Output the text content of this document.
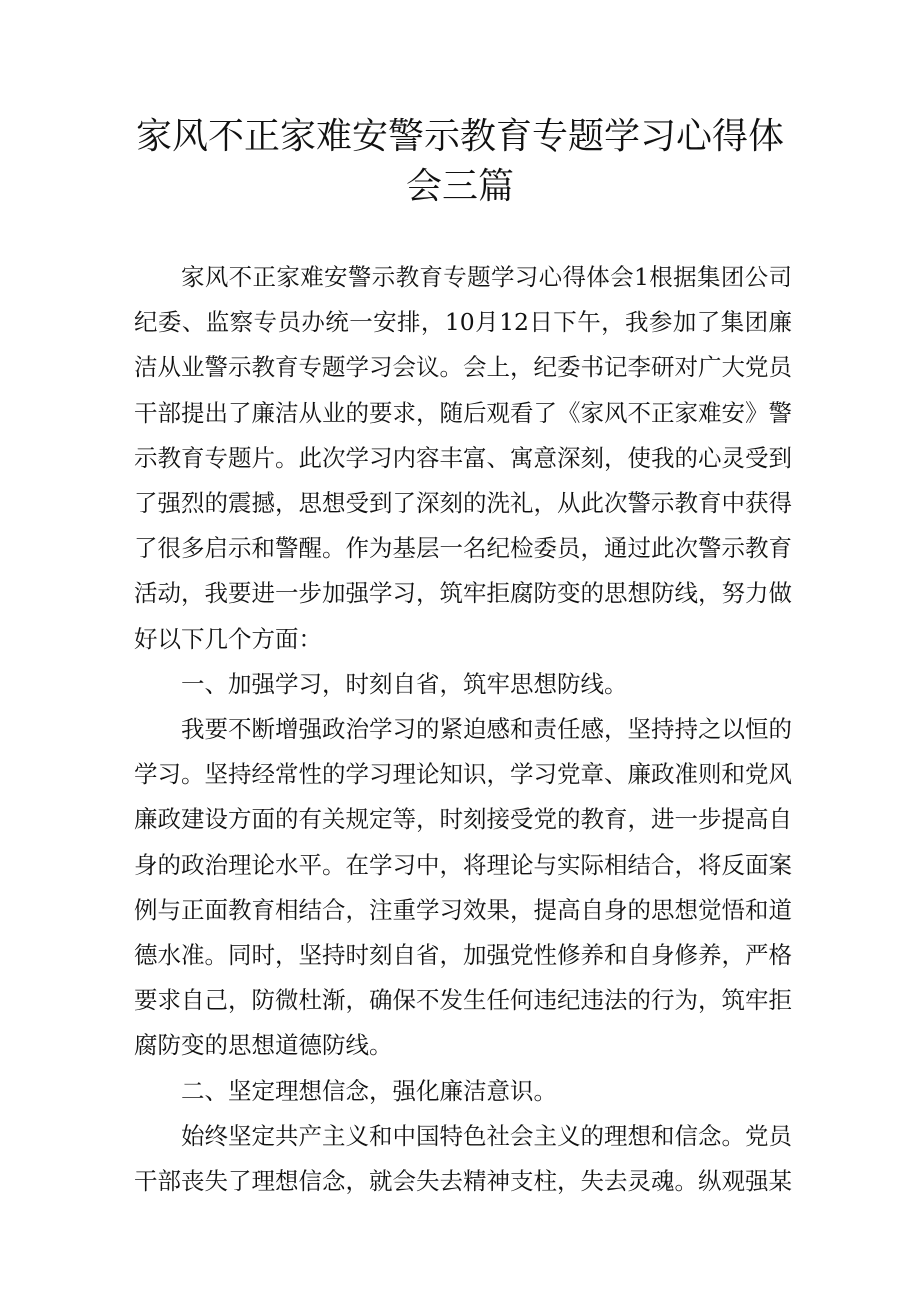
家风不正家难安警示教育专题学习心得体
会三篇

家风不正家难安警示教育专题学习心得体会1根据集团公司纪委、监察专员办统一安排，10月12日下午，我参加了集团廉洁从业警示教育专题学习会议。会上，纪委书记李研对广大党员干部提出了廉洁从业的要求，随后观看了《家风不正家难安》警示教育专题片。此次学习内容丰富、寓意深刻，使我的心灵受到了强烈的震撼，思想受到了深刻的洗礼，从此次警示教育中获得了很多启示和警醒。作为基层一名纪检委员，通过此次警示教育活动，我要进一步加强学习，筑牢拒腐防变的思想防线，努力做好以下几个方面：

一、加强学习，时刻自省，筑牢思想防线。

我要不断增强政治学习的紧迫感和责任感，坚持持之以恒的学习。坚持经常性的学习理论知识，学习党章、廉政准则和党风廉政建设方面的有关规定等，时刻接受党的教育，进一步提高自身的政治理论水平。在学习中，将理论与实际相结合，将反面案例与正面教育相结合，注重学习效果，提高自身的思想觉悟和道德水准。同时，坚持时刻自省，加强党性修养和自身修养，严格要求自己，防微杜渐，确保不发生任何违纪违法的行为，筑牢拒腐防变的思想道德防线。

二、坚定理想信念，强化廉洁意识。

始终坚定共产主义和中国特色社会主义的理想和信念。党员干部丧失了理想信念，就会失去精神支柱，失去灵魂。纵观强某
